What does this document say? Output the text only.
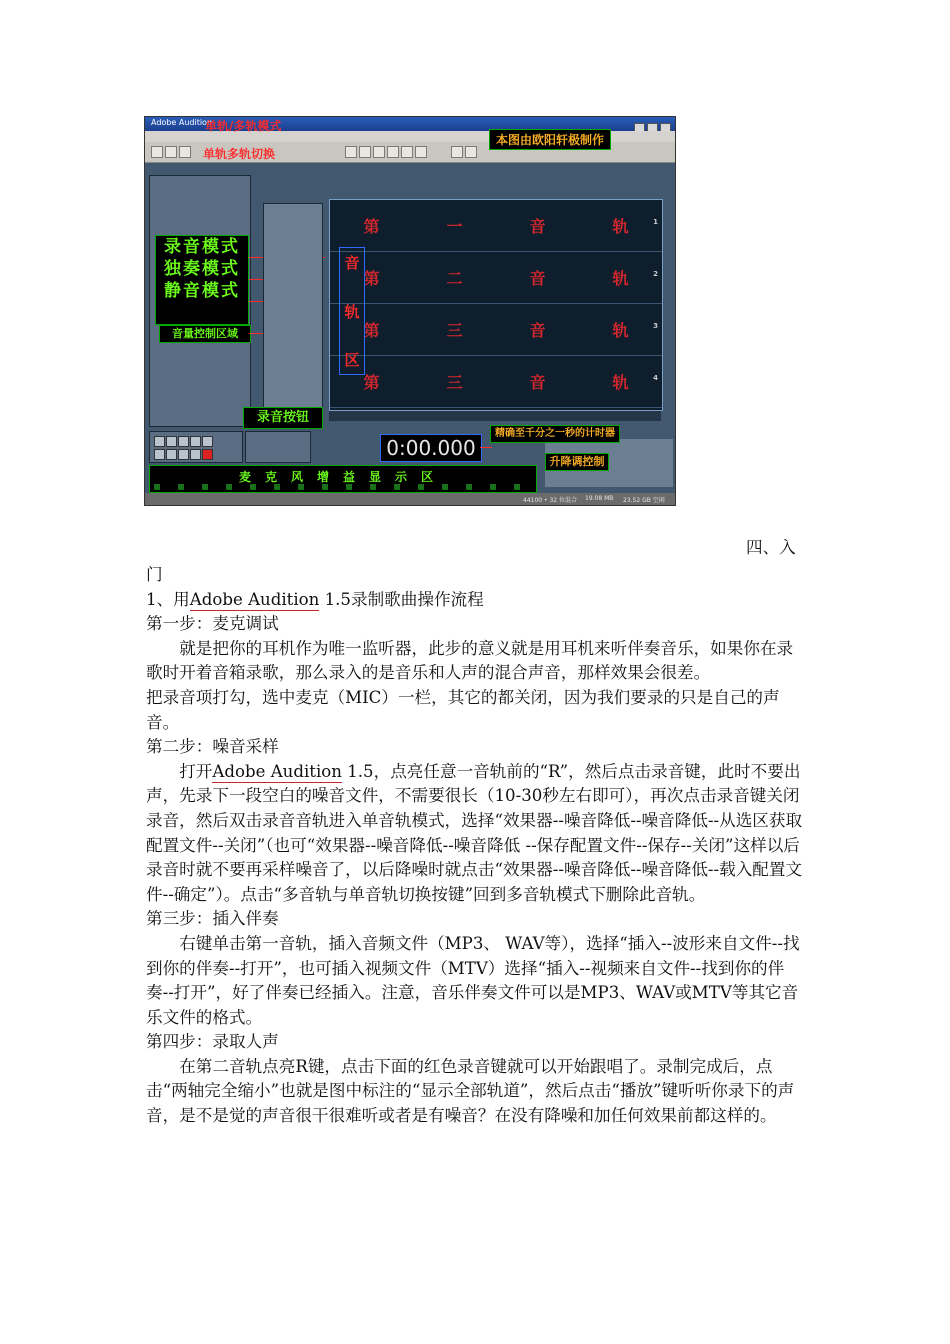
Adobe Audition
单轨/多轨模式
单轨多轨切换
本图由欧阳轩极制作
录音模式
独奏模式
静音模式
音量控制区域
第	一	音	轨	1
第	二	音	轨	2
第	三	音	轨	3
第	三	音	轨	4
音
轨
区
录音按钮
0:00.000
精确至千分之一秒的计时器
升降调控制
麦克风增益显示区
44100 • 32 位混合 19.08 MB 23.52 GB 空闲
四、入

门

1、用Adobe Audition 1.5录制歌曲操作流程

第一步：麦克调试

就是把你的耳机作为唯一监听器，此步的意义就是用耳机来听伴奏音乐，如果你在录歌时开着音箱录歌，那么录入的是音乐和人声的混合声音，那样效果会很差。

把录音项打勾，选中麦克（MIC）一栏，其它的都关闭，因为我们要录的只是自己的声音。

第二步：噪音采样

打开Adobe Audition 1.5，点亮任意一音轨前的“R”，然后点击录音键，此时不要出声，先录下一段空白的噪音文件，不需要很长（10-30秒左右即可），再次点击录音键关闭录音，然后双击录音音轨进入单音轨模式，选择“效果器--噪音降低--噪音降低--从选区获取配置文件--关闭”（也可“效果器--噪音降低--噪音降低 --保存配置文件--保存--关闭”这样以后录音时就不要再采样噪音了，以后降噪时就点击“效果器--噪音降低--噪音降低--载入配置文件--确定”）。点击“多音轨与单音轨切换按键”回到多音轨模式下删除此音轨。

第三步：插入伴奏

右键单击第一音轨，插入音频文件（MP3、 WAV等），选择“插入--波形来自文件--找到你的伴奏--打开”，也可插入视频文件（MTV）选择“插入--视频来自文件--找到你的伴奏--打开”，好了伴奏已经插入。注意，音乐伴奏文件可以是MP3、WAV或MTV等其它音乐文件的格式。

第四步：录取人声

在第二音轨点亮R键，点击下面的红色录音键就可以开始跟唱了。录制完成后，点击“两轴完全缩小”也就是图中标注的“显示全部轨道”，然后点击“播放”键听听你录下的声音，是不是觉的声音很干很难听或者是有噪音？在没有降噪和加任何效果前都这样的。
